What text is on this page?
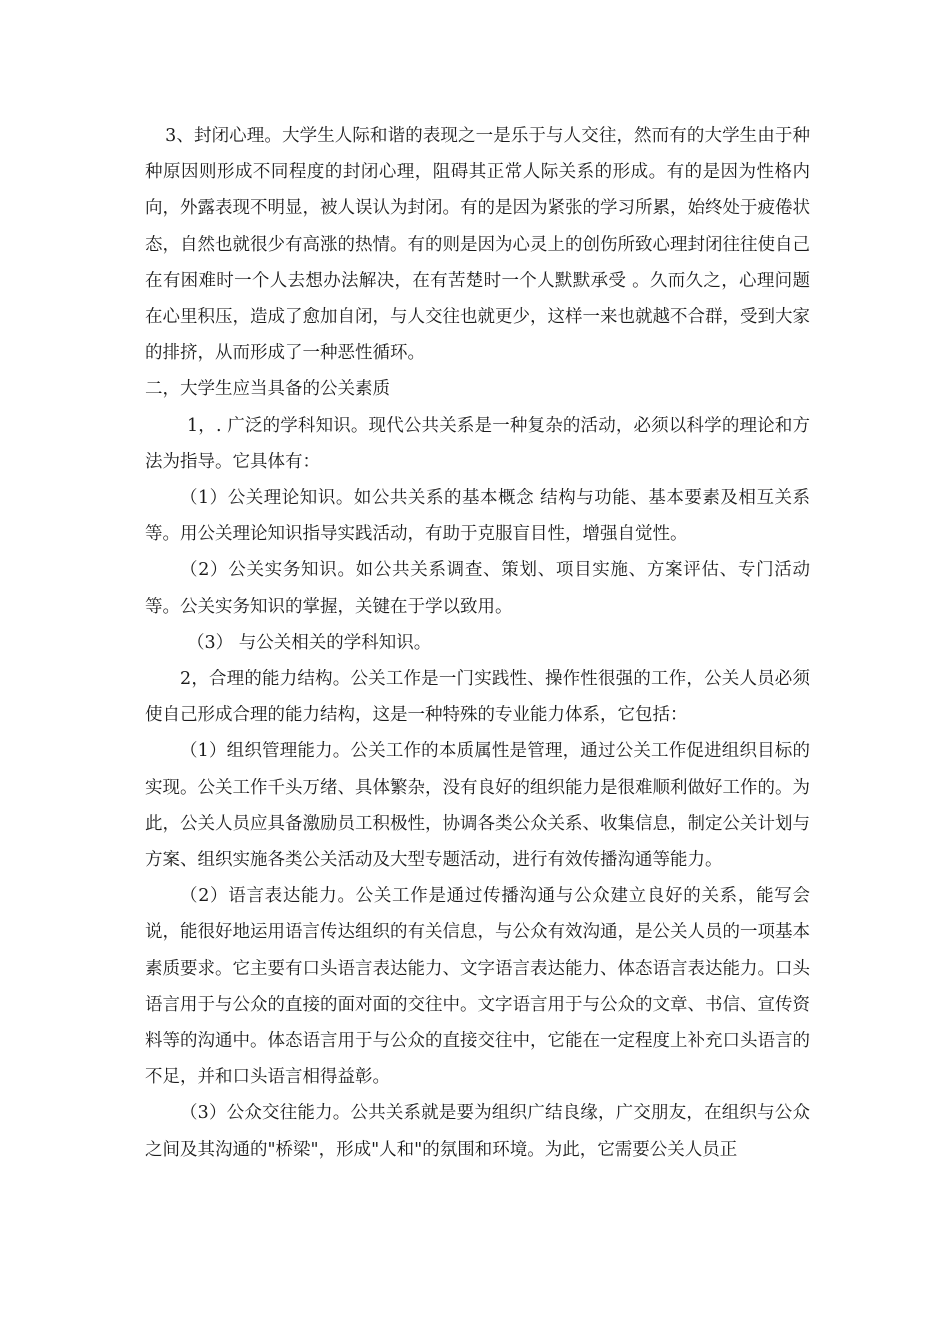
3、封闭心理。大学生人际和谐的表现之一是乐于与人交往，然而有的大学生由于种种原因则形成不同程度的封闭心理，阻碍其正常人际关系的形成。有的是因为性格内向，外露表现不明显，被人误认为封闭。有的是因为紧张的学习所累，始终处于疲倦状态，自然也就很少有高涨的热情。有的则是因为心灵上的创伤所致心理封闭往往使自己在有困难时一个人去想办法解决，在有苦楚时一个人默默承受 。久而久之，心理问题在心里积压，造成了愈加自闭，与人交往也就更少，这样一来也就越不合群，受到大家的排挤，从而形成了一种恶性循环。

二，大学生应当具备的公关素质

1，. 广泛的学科知识。现代公共关系是一种复杂的活动，必须以科学的理论和方法为指导。它具体有：

（1）公关理论知识。如公共关系的基本概念 结构与功能、基本要素及相互关系等。用公关理论知识指导实践活动，有助于克服盲目性，增强自觉性。

（2）公关实务知识。如公共关系调查、策划、项目实施、方案评估、专门活动等。公关实务知识的掌握，关键在于学以致用。

（3） 与公关相关的学科知识。

2，合理的能力结构。公关工作是一门实践性、操作性很强的工作，公关人员必须使自己形成合理的能力结构，这是一种特殊的专业能力体系，它包括：

（1）组织管理能力。公关工作的本质属性是管理，通过公关工作促进组织目标的实现。公关工作千头万绪、具体繁杂，没有良好的组织能力是很难顺利做好工作的。为此，公关人员应具备激励员工积极性，协调各类公众关系、收集信息，制定公关计划与方案、组织实施各类公关活动及大型专题活动，进行有效传播沟通等能力。

（2）语言表达能力。公关工作是通过传播沟通与公众建立良好的关系，能写会说，能很好地运用语言传达组织的有关信息，与公众有效沟通，是公关人员的一项基本素质要求。它主要有口头语言表达能力、文字语言表达能力、体态语言表达能力。口头语言用于与公众的直接的面对面的交往中。文字语言用于与公众的文章、书信、宣传资料等的沟通中。体态语言用于与公众的直接交往中，它能在一定程度上补充口头语言的不足，并和口头语言相得益彰。

（3）公众交往能力。公共关系就是要为组织广结良缘，广交朋友，在组织与公众之间及其沟通的"桥梁"，形成"人和"的氛围和环境。为此，它需要公关人员正
